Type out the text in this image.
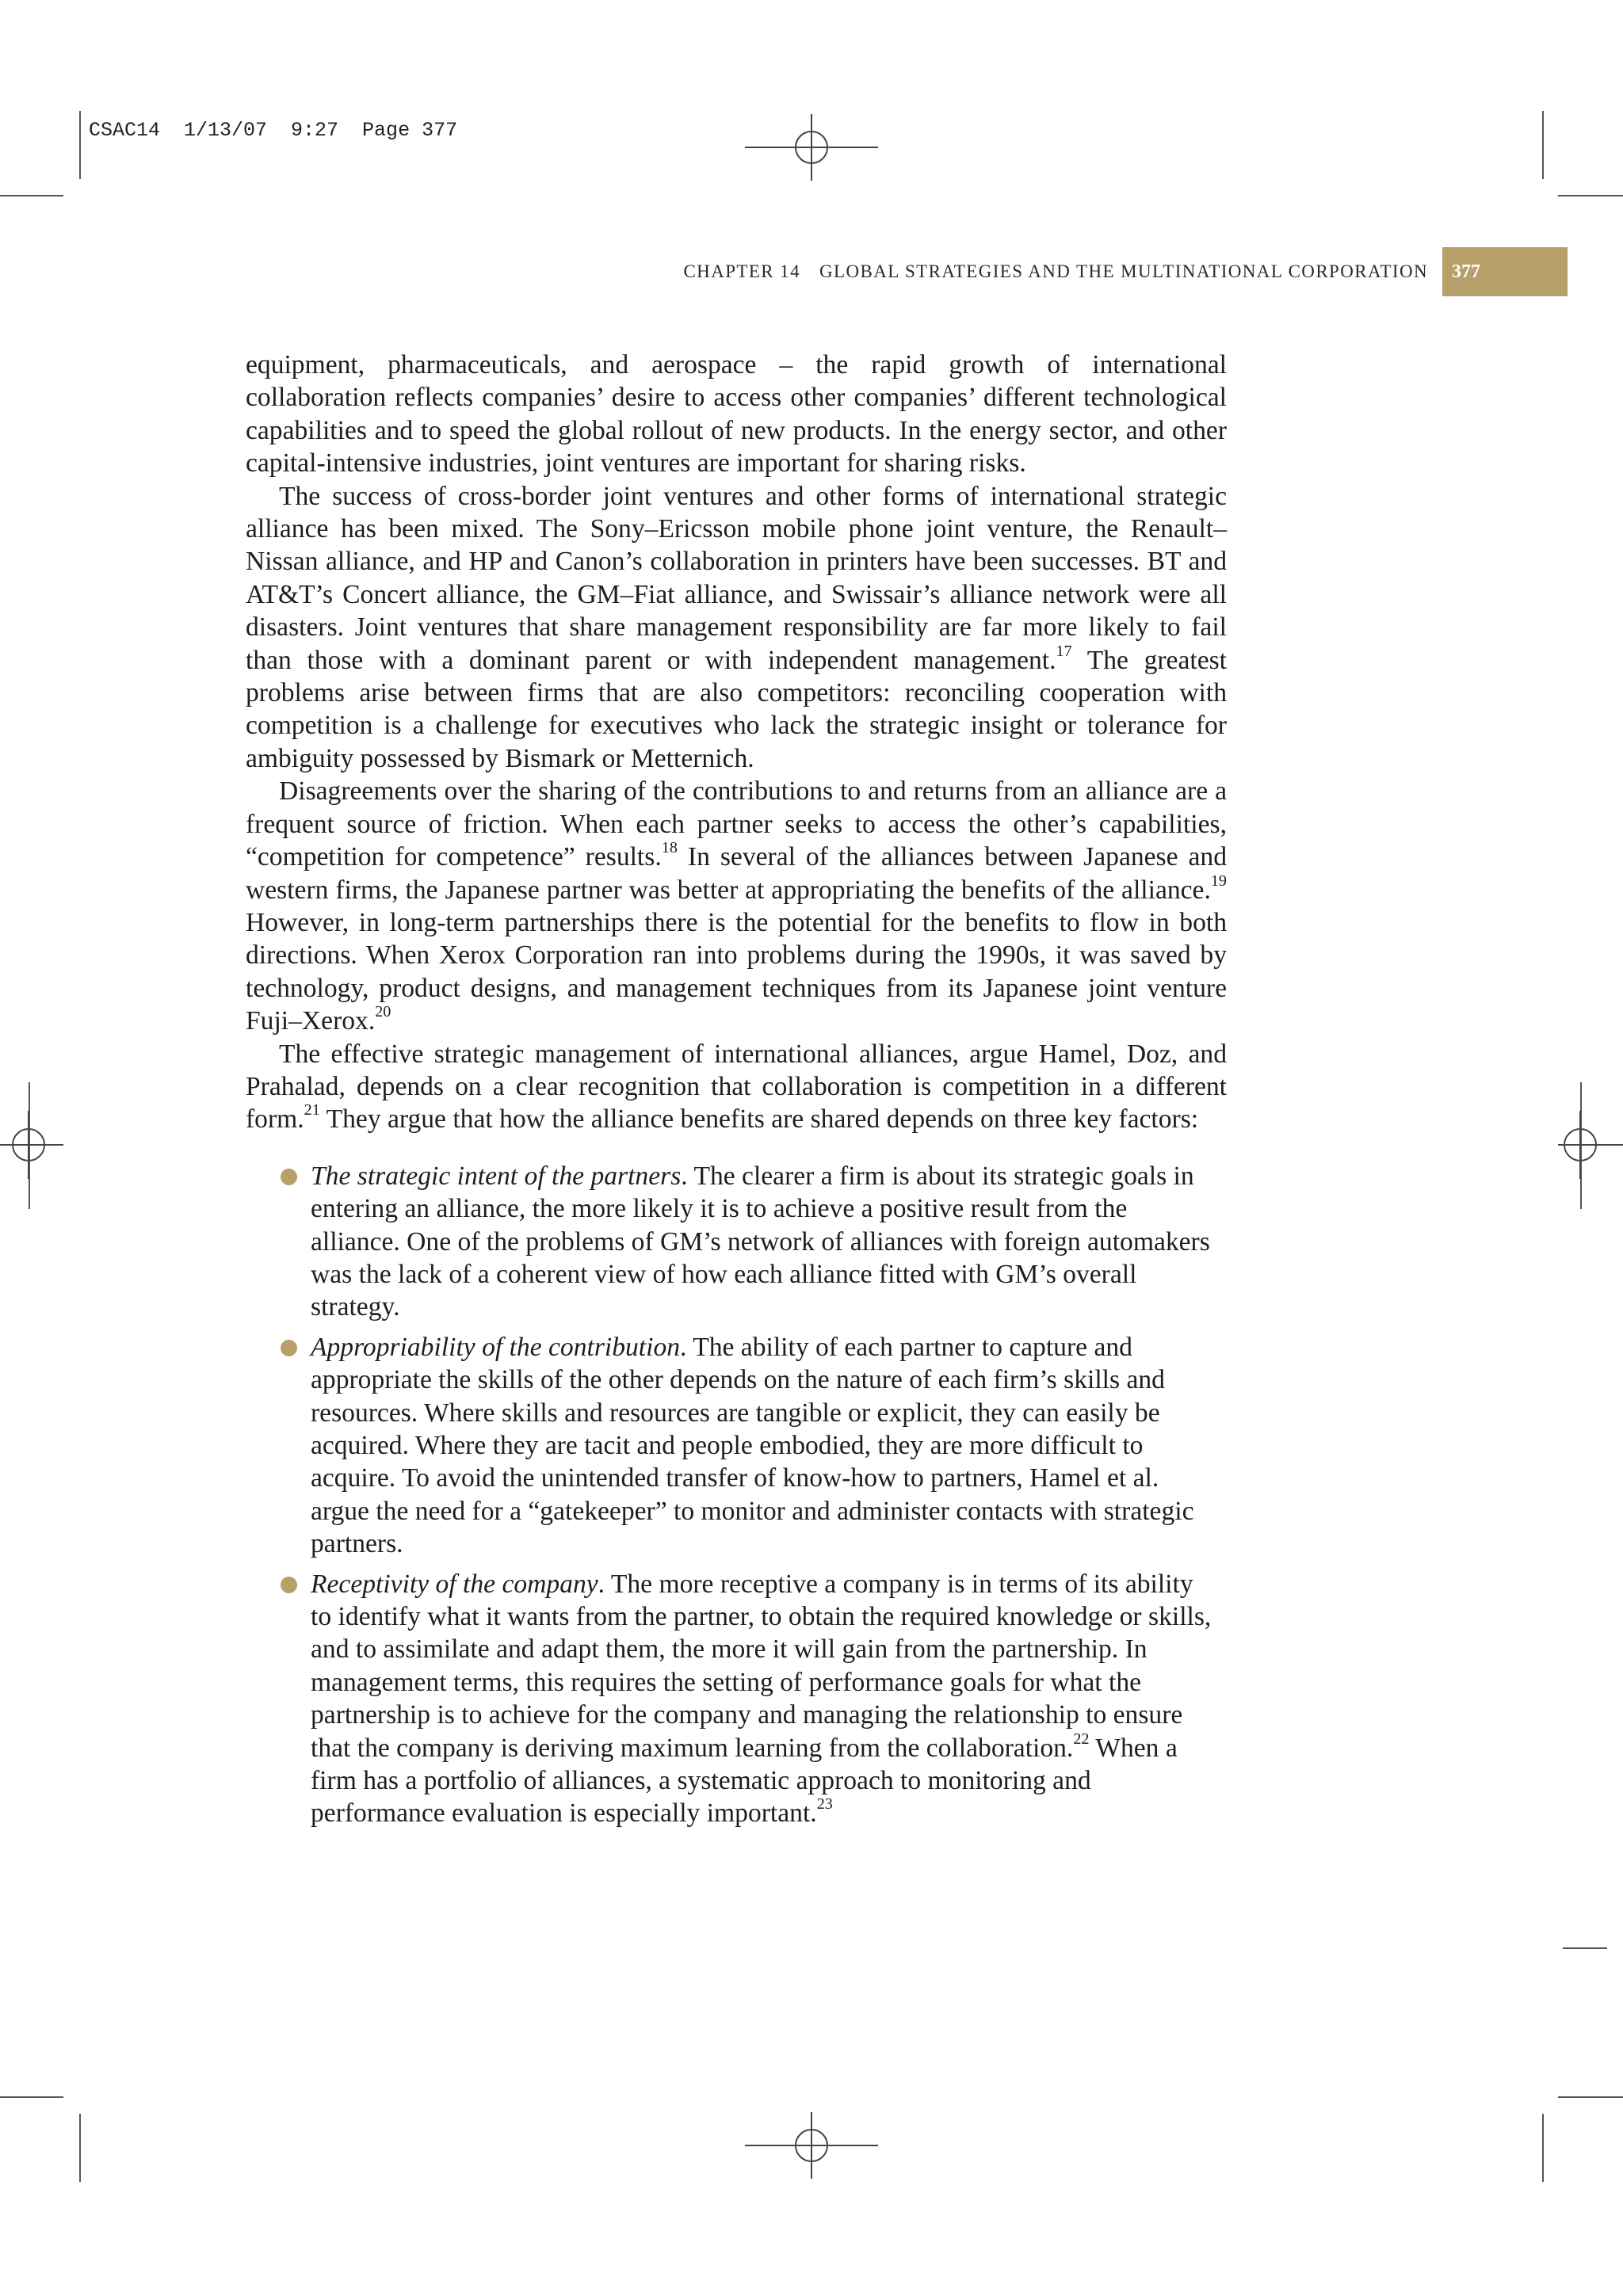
CSAC14  1/13/07  9:27  Page 377
CHAPTER 14 GLOBAL STRATEGIES AND THE MULTINATIONAL CORPORATION	377

equipment, pharmaceuticals, and aerospace – the rapid growth of international collaboration reflects companies’ desire to access other companies’ different technological capabilities and to speed the global rollout of new products. In the energy sector, and other capital-intensive industries, joint ventures are important for sharing risks.

The success of cross-border joint ventures and other forms of international strategic alliance has been mixed. The Sony–Ericsson mobile phone joint venture, the Renault–Nissan alliance, and HP and Canon’s collaboration in printers have been successes. BT and AT&T’s Concert alliance, the GM–Fiat alliance, and Swissair’s alliance network were all disasters. Joint ventures that share management responsibility are far more likely to fail than those with a dominant parent or with independent management.$^{17}$ The greatest problems arise between firms that are also competitors: reconciling cooperation with competition is a challenge for executives who lack the strategic insight or tolerance for ambiguity possessed by Bismark or Metternich.

Disagreements over the sharing of the contributions to and returns from an alliance are a frequent source of friction. When each partner seeks to access the other’s capabilities, “competition for competence” results.$^{18}$ In several of the alliances between Japanese and western firms, the Japanese partner was better at appropriating the benefits of the alliance.$^{19}$ However, in long-term partnerships there is the potential for the benefits to flow in both directions. When Xerox Corporation ran into problems during the 1990s, it was saved by technology, product designs, and management techniques from its Japanese joint venture Fuji–Xerox.$^{20}$

The effective strategic management of international alliances, argue Hamel, Doz, and Prahalad, depends on a clear recognition that collaboration is competition in a different form.$^{21}$ They argue that how the alliance benefits are shared depends on three key factors:

The strategic intent of the partners. The clearer a firm is about its strategic goals in entering an alliance, the more likely it is to achieve a positive result from the alliance. One of the problems of GM’s network of alliances with foreign automakers was the lack of a coherent view of how each alliance fitted with GM’s overall strategy.
Appropriability of the contribution. The ability of each partner to capture and appropriate the skills of the other depends on the nature of each firm’s skills and resources. Where skills and resources are tangible or explicit, they can easily be acquired. Where they are tacit and people embodied, they are more difficult to acquire. To avoid the unintended transfer of know-how to partners, Hamel et al. argue the need for a “gatekeeper” to monitor and administer contacts with strategic partners.
Receptivity of the company. The more receptive a company is in terms of its ability to identify what it wants from the partner, to obtain the required knowledge or skills, and to assimilate and adapt them, the more it will gain from the partnership. In management terms, this requires the setting of performance goals for what the partnership is to achieve for the company and managing the relationship to ensure that the company is deriving maximum learning from the collaboration.$^{22}$ When a firm has a portfolio of alliances, a systematic approach to monitoring and performance evaluation is especially important.$^{23}$
